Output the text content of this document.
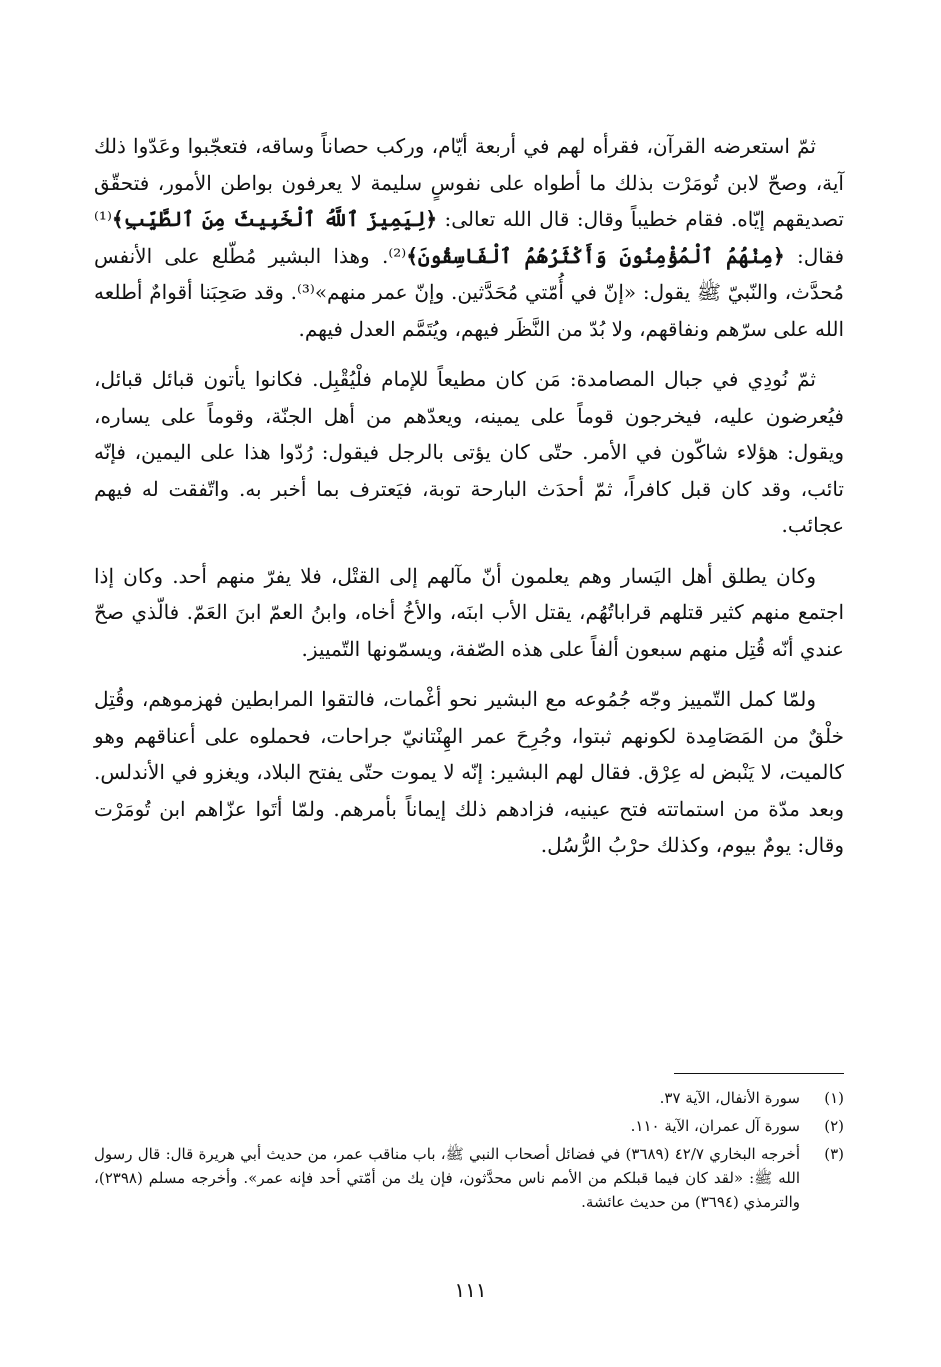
ثمّ استعرضه القرآن، فقرأه لهم في أربعة أيّام، وركب حصاناً وساقه، فتعجّبوا وعَدّوا ذلك آية، وصحّ لابن تُومَرْت بذلك ما أطواه على نفوسٍ سليمة لا يعرفون بواطن الأمور، فتحقّق تصديقهم إيّاه. فقام خطيباً وقال: قال الله تعالى: ﴿لِيَمِيزَ ٱللَّهُ ٱلْخَبِيثَ مِنَ ٱلطَّيِّبِ﴾⁽¹⁾ فقال: ﴿مِنْهُمُ ٱلْمُؤْمِنُونَ وَأَكْثَرُهُمُ ٱلْفَاسِقُونَ﴾⁽²⁾. وهذا البشير مُطّلع على الأنفس مُحدَّث، والنّبيّ ﷺ يقول: «إنّ في أُمّتي مُحَدَّثين. وإنّ عمر منهم»⁽³⁾. وقد صَحِبَنا أقوامٌ أطلعه الله على سرّهم ونفاقهم، ولا بُدّ من النَّظَر فيهم، ويُتَمَّم العدل فيهم.

ثمّ نُودِي في جبال المصامدة: مَن كان مطيعاً للإمام فلْيُقْبِل. فكانوا يأتون قبائل قبائل، فيُعرضون عليه، فيخرجون قوماً على يمينه، ويعدّهم من أهل الجنّة، وقوماً على يساره، ويقول: هؤلاء شاكّون في الأمر. حتّى كان يؤتى بالرجل فيقول: رُدّوا هذا على اليمين، فإنّه تائب، وقد كان قبل كافراً، ثمّ أحدَث البارحة توبة، فيَعترف بما أخبر به. واتّفقت له فيهم عجائب.

وكان يطلق أهل اليَسار وهم يعلمون أنّ مآلهم إلى القتْل، فلا يفرّ منهم أحد. وكان إذا اجتمع منهم كثير قتلهم قراباتُهُم، يقتل الأب ابنَه، والأخُ أخاه، وابنُ العمّ ابنَ العَمّ. فالّذي صحّ عندي أنّه قُتِل منهم سبعون ألفاً على هذه الصّفة، ويسمّونها التّمييز.

ولمّا كمل التّمييز وجّه جُمُوعه مع البشير نحو أغْمات، فالتقوا المرابطين فهزموهم، وقُتِل خلْقٌ من المَصَامِدة لكونهم ثبتوا، وجُرِحَ عمر الهِنْتانيّ جراحات، فحملوه على أعناقهم وهو كالميت، لا يَنْبض له عِرْق. فقال لهم البشير: إنّه لا يموت حتّى يفتح البلاد، ويغزو في الأندلس. وبعد مدّة من استماتته فتح عينيه، فزادهم ذلك إيماناً بأمرهم. ولمّا أتَوا عزّاهم ابن تُومَرْت وقال: يومٌ بيوم، وكذلك حرْبُ الرُّسُل.

(١)
سورة الأنفال، الآية ٣٧.
(٢)
سورة آل عمران، الآية ١١٠.
(٣)
أخرجه البخاري ٤٢/٧ (٣٦٨٩) في فضائل أصحاب النبي ﷺ، باب مناقب عمر، من حديث أبي هريرة قال: قال رسول الله ﷺ: «لقد كان فيما قبلكم من الأمم ناس محدَّثون، فإن يك من أمّتي أحد فإنه عمر». وأخرجه مسلم (٢٣٩٨)، والترمذي (٣٦٩٤) من حديث عائشة.
١١١
